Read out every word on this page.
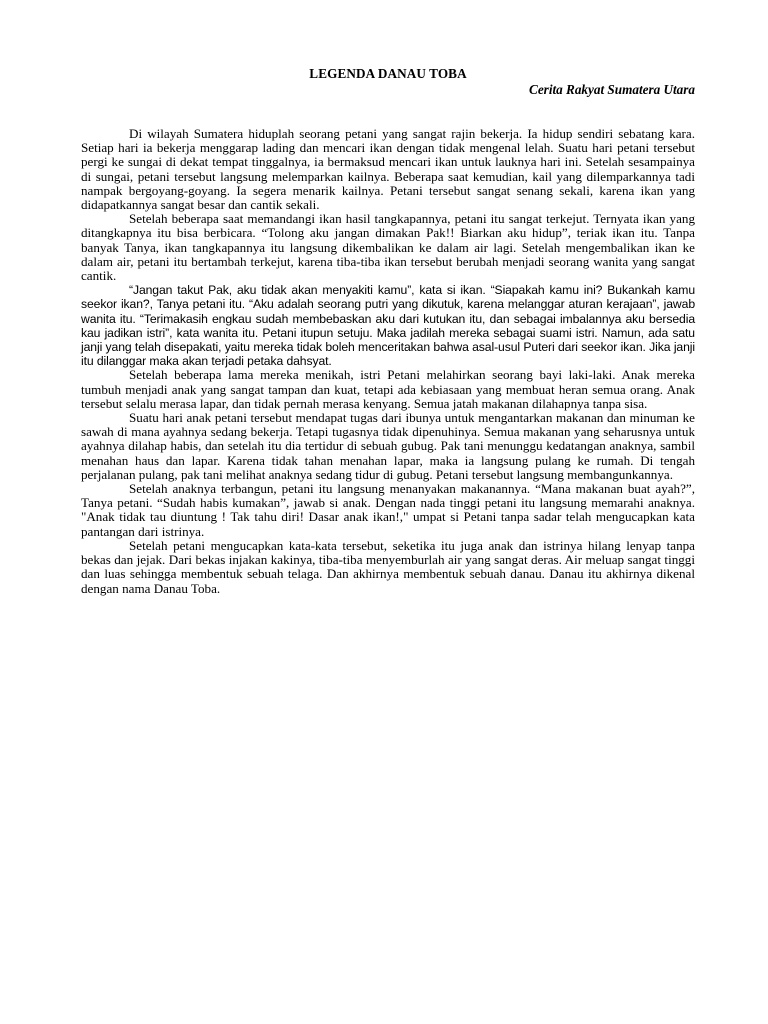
LEGENDA DANAU TOBA

Cerita Rakyat Sumatera Utara

Di wilayah Sumatera hiduplah seorang petani yang sangat rajin bekerja. Ia hidup sendiri sebatang kara. Setiap hari ia bekerja menggarap lading dan mencari ikan dengan tidak mengenal lelah. Suatu hari petani tersebut pergi ke sungai di dekat tempat tinggalnya, ia bermaksud mencari ikan untuk lauknya hari ini. Setelah sesampainya di sungai, petani tersebut langsung melemparkan kailnya. Beberapa saat kemudian, kail yang dilemparkannya tadi nampak bergoyang-goyang. Ia segera menarik kailnya. Petani tersebut sangat senang sekali, karena ikan yang didapatkannya sangat besar dan cantik sekali.

Setelah beberapa saat memandangi ikan hasil tangkapannya, petani itu sangat terkejut. Ternyata ikan yang ditangkapnya itu bisa berbicara. “Tolong aku jangan dimakan Pak!! Biarkan aku hidup”, teriak ikan itu. Tanpa banyak Tanya, ikan tangkapannya itu langsung dikembalikan ke dalam air lagi. Setelah mengembalikan ikan ke dalam air, petani itu bertambah terkejut, karena tiba-tiba ikan tersebut berubah menjadi seorang wanita yang sangat cantik.

“Jangan takut Pak, aku tidak akan menyakiti kamu”, kata si ikan. “Siapakah kamu ini? Bukankah kamu seekor ikan?, Tanya petani itu. “Aku adalah seorang putri yang dikutuk, karena melanggar aturan kerajaan”, jawab wanita itu. “Terimakasih engkau sudah membebaskan aku dari kutukan itu, dan sebagai imbalannya aku bersedia kau jadikan istri”, kata wanita itu. Petani itupun setuju. Maka jadilah mereka sebagai suami istri. Namun, ada satu janji yang telah disepakati, yaitu mereka tidak boleh menceritakan bahwa asal-usul Puteri dari seekor ikan. Jika janji itu dilanggar maka akan terjadi petaka dahsyat.

Setelah beberapa lama mereka menikah, istri Petani melahirkan seorang bayi laki-laki. Anak mereka tumbuh menjadi anak yang sangat tampan dan kuat, tetapi ada kebiasaan yang membuat heran semua orang. Anak tersebut selalu merasa lapar, dan tidak pernah merasa kenyang. Semua jatah makanan dilahapnya tanpa sisa.

Suatu hari anak petani tersebut mendapat tugas dari ibunya untuk mengantarkan makanan dan minuman ke sawah di mana ayahnya sedang bekerja. Tetapi tugasnya tidak dipenuhinya. Semua makanan yang seharusnya untuk ayahnya dilahap habis, dan setelah itu dia tertidur di sebuah gubug. Pak tani menunggu kedatangan anaknya, sambil menahan haus dan lapar. Karena tidak tahan menahan lapar, maka ia langsung pulang ke rumah. Di tengah perjalanan pulang, pak tani melihat anaknya sedang tidur di gubug. Petani tersebut langsung membangunkannya.

Setelah anaknya terbangun, petani itu langsung menanyakan makanannya. “Mana makanan buat ayah?”, Tanya petani. “Sudah habis kumakan”, jawab si anak. Dengan nada tinggi petani itu langsung memarahi anaknya. "Anak tidak tau diuntung ! Tak tahu diri! Dasar anak ikan!," umpat si Petani tanpa sadar telah mengucapkan kata pantangan dari istrinya.

Setelah petani mengucapkan kata-kata tersebut, seketika itu juga anak dan istrinya hilang lenyap tanpa bekas dan jejak. Dari bekas injakan kakinya, tiba-tiba menyemburlah air yang sangat deras. Air meluap sangat tinggi dan luas sehingga membentuk sebuah telaga. Dan akhirnya membentuk sebuah danau. Danau itu akhirnya dikenal dengan nama Danau Toba.
